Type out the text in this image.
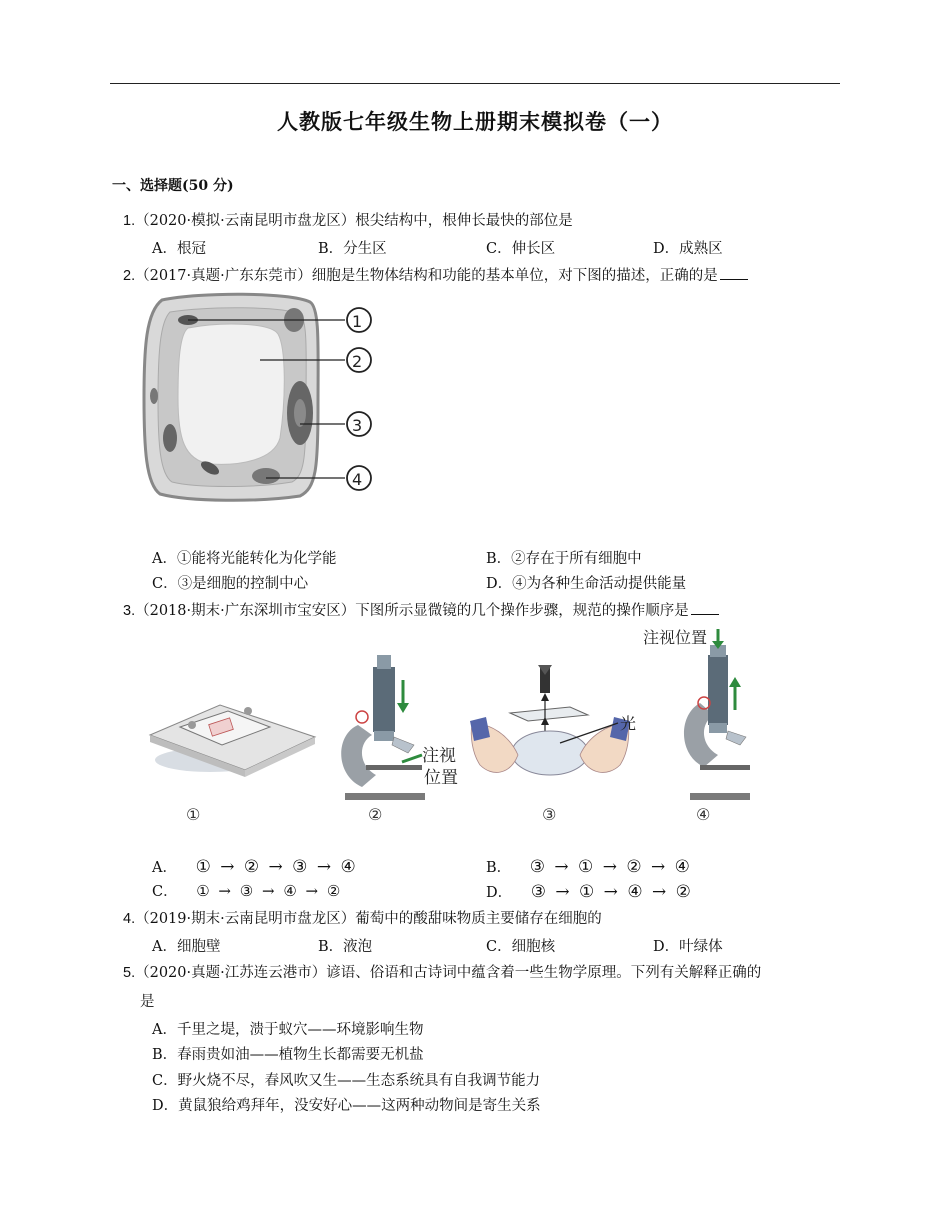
人教版七年级生物上册期末模拟卷（一）
一、选择题(50 分)
1.（2020·模拟·云南昆明市盘龙区）根尖结构中，根伸长最快的部位是
A．根冠	B．分生区	C．伸长区	D．成熟区
2.（2017·真题·广东东莞市）细胞是生物体结构和功能的基本单位，对下图的描述，正确的是
1
2
3
4
A．①能将光能转化为化学能	B．②存在于所有细胞中
C．③是细胞的控制中心	D．④为各种生命活动提供能量
3.（2018·期末·广东深圳市宝安区）下图所示显微镜的几个操作步骤，规范的操作顺序是
注视
位置
光
注视位置
①	②	③	④
A． ① → ② → ③ → ④	B． ③ → ① → ② → ④
C． ① → ③ → ④ → ②	D． ③ → ① → ④ → ②
4.（2019·期末·云南昆明市盘龙区）葡萄中的酸甜味物质主要储存在细胞的
A．细胞壁	B．液泡	C．细胞核	D．叶绿体
5.（2020·真题·江苏连云港市）谚语、俗语和古诗词中蕴含着一些生物学原理。下列有关解释正确的
是
A．千里之堤，溃于蚁穴——环境影响生物
B．春雨贵如油——植物生长都需要无机盐
C．野火烧不尽，春风吹又生——生态系统具有自我调节能力
D．黄鼠狼给鸡拜年，没安好心——这两种动物间是寄生关系
